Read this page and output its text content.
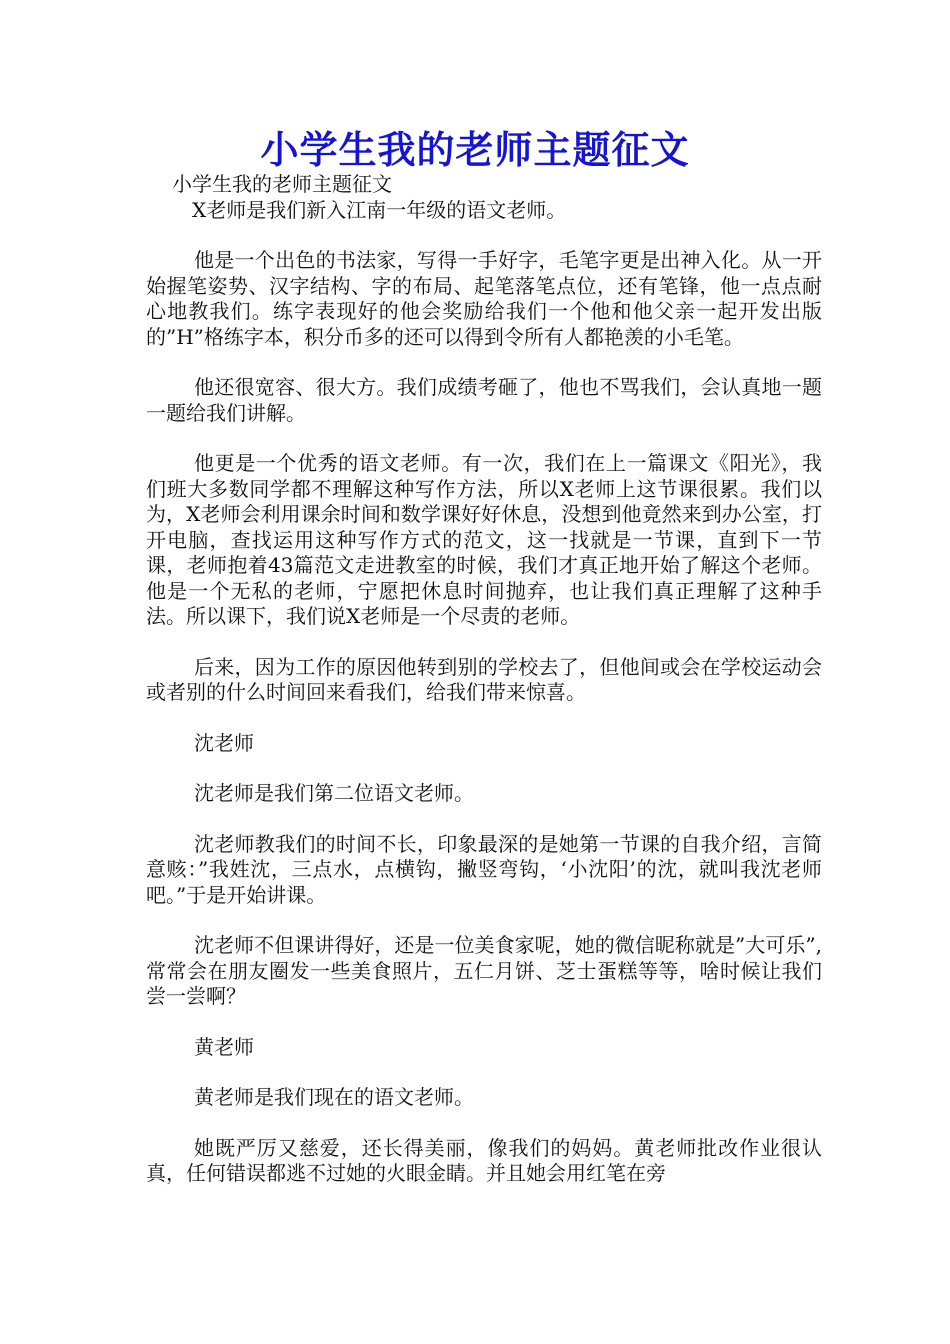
小学生我的老师主题征文

小学生我的老师主题征文

X老师是我们新入江南一年级的语文老师。

他是一个出色的书法家，写得一手好字，毛笔字更是出神入化。从一开始握笔姿势、汉字结构、字的布局、起笔落笔点位，还有笔锋，他一点点耐心地教我们。练字表现好的他会奖励给我们一个他和他父亲一起开发出版的”H”格练字本，积分币多的还可以得到令所有人都艳羡的小毛笔。

他还很宽容、很大方。我们成绩考砸了，他也不骂我们，会认真地一题一题给我们讲解。

他更是一个优秀的语文老师。有一次，我们在上一篇课文《阳光》，我们班大多数同学都不理解这种写作方法，所以X老师上这节课很累。我们以为，X老师会利用课余时间和数学课好好休息，没想到他竟然来到办公室，打开电脑，查找运用这种写作方式的范文，这一找就是一节课，直到下一节课，老师抱着43篇范文走进教室的时候，我们才真正地开始了解这个老师。他是一个无私的老师，宁愿把休息时间抛弃，也让我们真正理解了这种手法。所以课下，我们说X老师是一个尽责的老师。

后来，因为工作的原因他转到别的学校去了，但他间或会在学校运动会或者别的什么时间回来看我们，给我们带来惊喜。

沈老师

沈老师是我们第二位语文老师。

沈老师教我们的时间不长，印象最深的是她第一节课的自我介绍，言简意赅：”我姓沈，三点水，点横钩，撇竖弯钩，‘小沈阳’的沈，就叫我沈老师吧。”于是开始讲课。

沈老师不但课讲得好，还是一位美食家呢，她的微信昵称就是”大可乐”,常常会在朋友圈发一些美食照片，五仁月饼、芝士蛋糕等等，啥时候让我们尝一尝啊？

黄老师

黄老师是我们现在的语文老师。

她既严厉又慈爱，还长得美丽，像我们的妈妈。黄老师批改作业很认真，任何错误都逃不过她的火眼金睛。并且她会用红笔在旁
